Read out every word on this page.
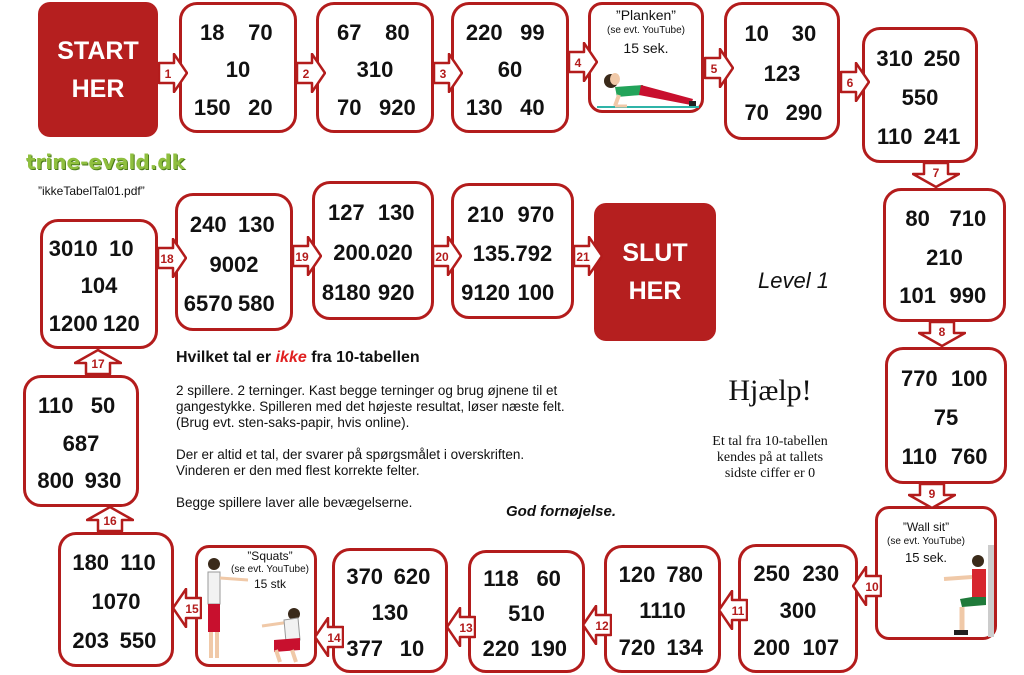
START
HER
SLUT
HER
trine-evald.dk
”ikkeTabelTal01.pdf”
Level 1
18 70
10
150 20
67 80
310
70 920
220 99
60
130 40
10 30
123
70 290
310 250
550
110 241
80 710
210
101 990
770 100
75
110 760
250 230
300
200 107
120 780
1110
720 134
118 60
510
220 190
370 620
130
377 10
180 110
1070
203 550
110 50
687
800 930
3010 10
104
1200 120
240 130
9002
6570 580
127 130
200.020
8180 920
210 970
135.792
9120 100
”Planken”
(se evt. YouTube)
15 sek.
”Wall sit”
(se evt. YouTube)
15 sek.
”Squats”
(se evt. YouTube)
15 stk
Hvilket tal er ikke fra 10-tabellen
2 spillere. 2 terninger. Kast begge terninger og brug øjnene til et
gangestykke. Spilleren med det højeste resultat, løser næste felt.
(Brug evt. sten-saks-papir, hvis online).
Der er altid et tal, der svarer på spørgsmålet i overskriften.
Vinderen er den med flest korrekte felter.
Begge spillere laver alle bevægelserne.
God fornøjelse.
Hjælp!
Et tal fra 10-tabellen
kendes på at tallets
sidste ciffer er 0
1	2	3
4	5
6
7
8
9
10
11
12
13
14
15
16
17
18	19	20	21
